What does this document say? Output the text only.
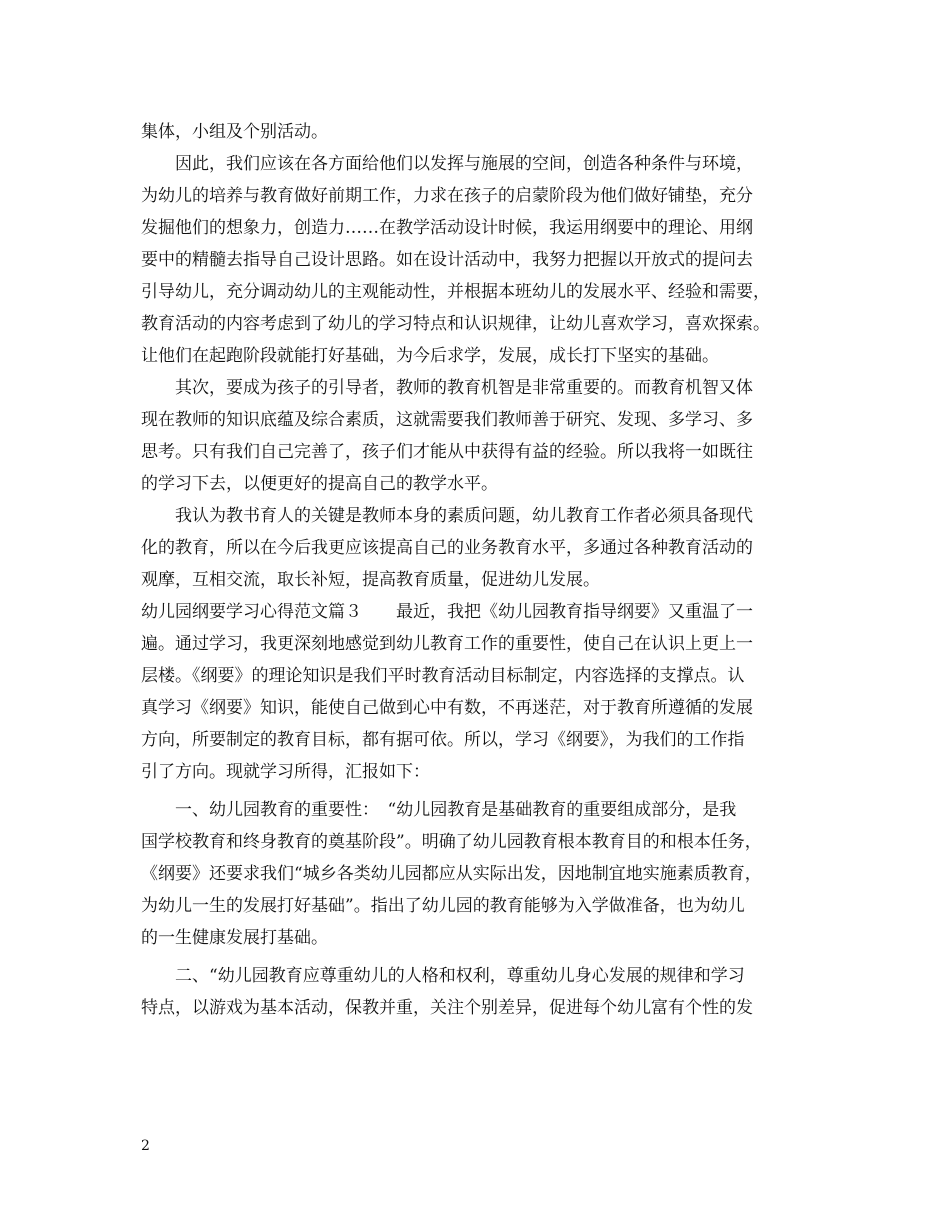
集体，小组及个别活动。
　　因此，我们应该在各方面给他们以发挥与施展的空间，创造各种条件与环境，
为幼儿的培养与教育做好前期工作，力求在孩子的启蒙阶段为他们做好铺垫，充分
发掘他们的想象力，创造力……在教学活动设计时候，我运用纲要中的理论、用纲
要中的精髓去指导自己设计思路。如在设计活动中，我努力把握以开放式的提问去
引导幼儿，充分调动幼儿的主观能动性，并根据本班幼儿的发展水平、经验和需要，
教育活动的内容考虑到了幼儿的学习特点和认识规律，让幼儿喜欢学习，喜欢探索。
让他们在起跑阶段就能打好基础，为今后求学，发展，成长打下坚实的基础。
　　其次，要成为孩子的引导者，教师的教育机智是非常重要的。而教育机智又体
现在教师的知识底蕴及综合素质，这就需要我们教师善于研究、发现、多学习、多
思考。只有我们自己完善了，孩子们才能从中获得有益的经验。所以我将一如既往
的学习下去，以便更好的提高自己的教学水平。
　　我认为教书育人的关键是教师本身的素质问题，幼儿教育工作者必须具备现代
化的教育，所以在今后我更应该提高自己的业务教育水平，多通过各种教育活动的
观摩，互相交流，取长补短，提高教育质量，促进幼儿发展。
幼儿园纲要学习心得范文篇３　　最近，我把《幼儿园教育指导纲要》又重温了一
遍。通过学习，我更深刻地感觉到幼儿教育工作的重要性，使自己在认识上更上一
层楼。《纲要》的理论知识是我们平时教育活动目标制定，内容选择的支撑点。认
真学习《纲要》知识，能使自己做到心中有数，不再迷茫，对于教育所遵循的发展
方向，所要制定的教育目标，都有据可依。所以，学习《纲要》，为我们的工作指
引了方向。现就学习所得，汇报如下：
　　一、幼儿园教育的重要性：　“幼儿园教育是基础教育的重要组成部分，是我
国学校教育和终身教育的奠基阶段”。明确了幼儿园教育根本教育目的和根本任务，
《纲要》还要求我们“城乡各类幼儿园都应从实际出发，因地制宜地实施素质教育，
为幼儿一生的发展打好基础”。指出了幼儿园的教育能够为入学做准备，也为幼儿
的一生健康发展打基础。
　　二、“幼儿园教育应尊重幼儿的人格和权利，尊重幼儿身心发展的规律和学习
特点，以游戏为基本活动，保教并重，关注个别差异，促进每个幼儿富有个性的发
2
